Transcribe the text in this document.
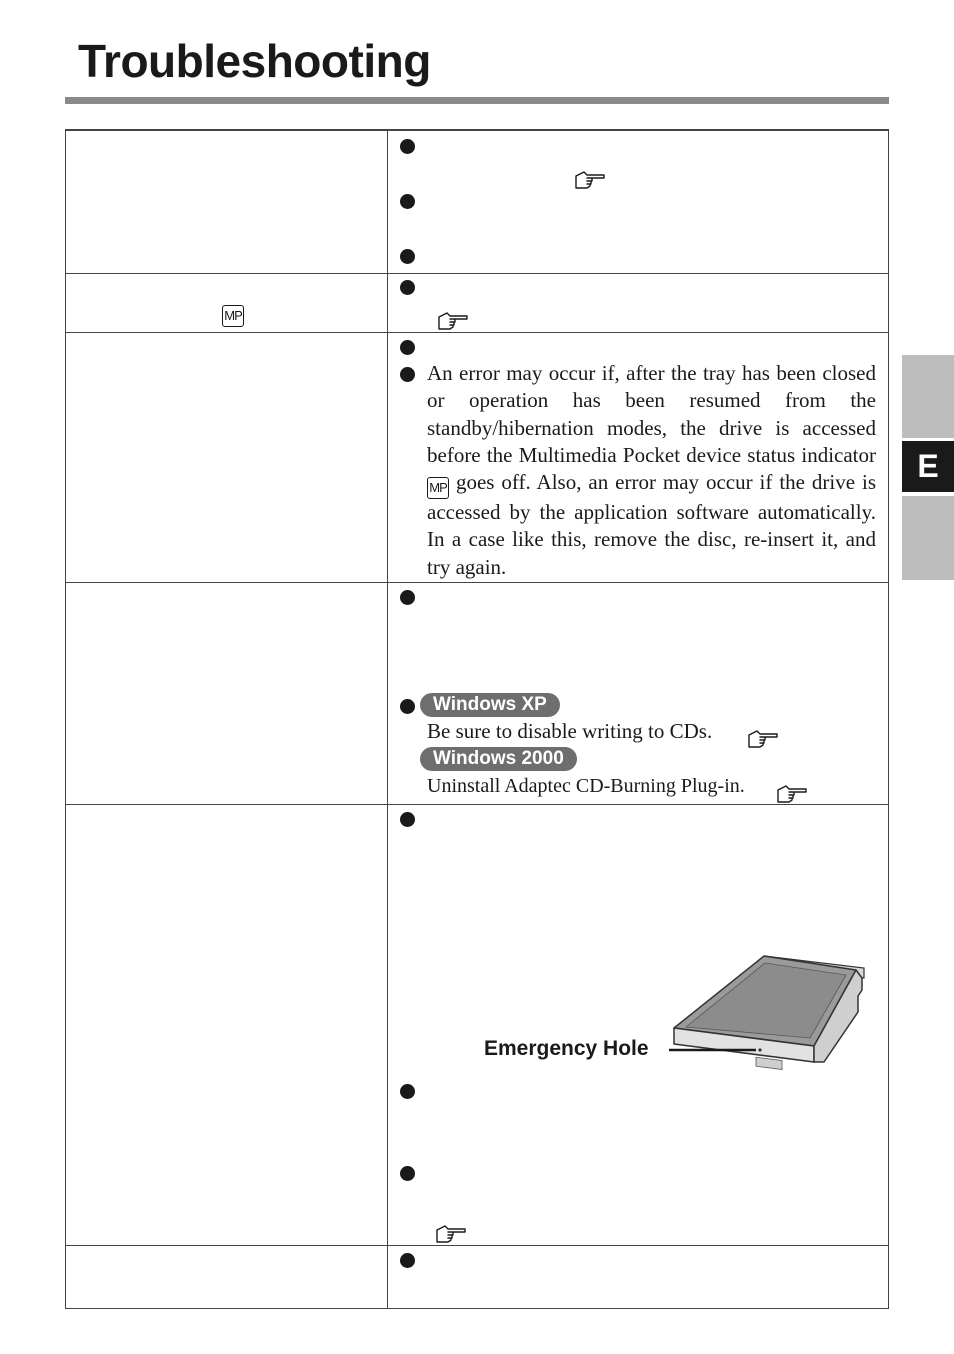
Troubleshooting
E
MP
An error may occur if, after the tray has been closed or operation has been resumed from the standby/hibernation modes, the drive is accessed before the Multimedia Pocket device status indicator MP goes off. Also, an error may occur if the drive is accessed by the application software automatically. In a case like this, remove the disc, re-insert it, and try again.
Windows XP
Be sure to disable writing to CDs.
Windows 2000
Uninstall Adaptec CD-Burning Plug-in.
Emergency Hole
